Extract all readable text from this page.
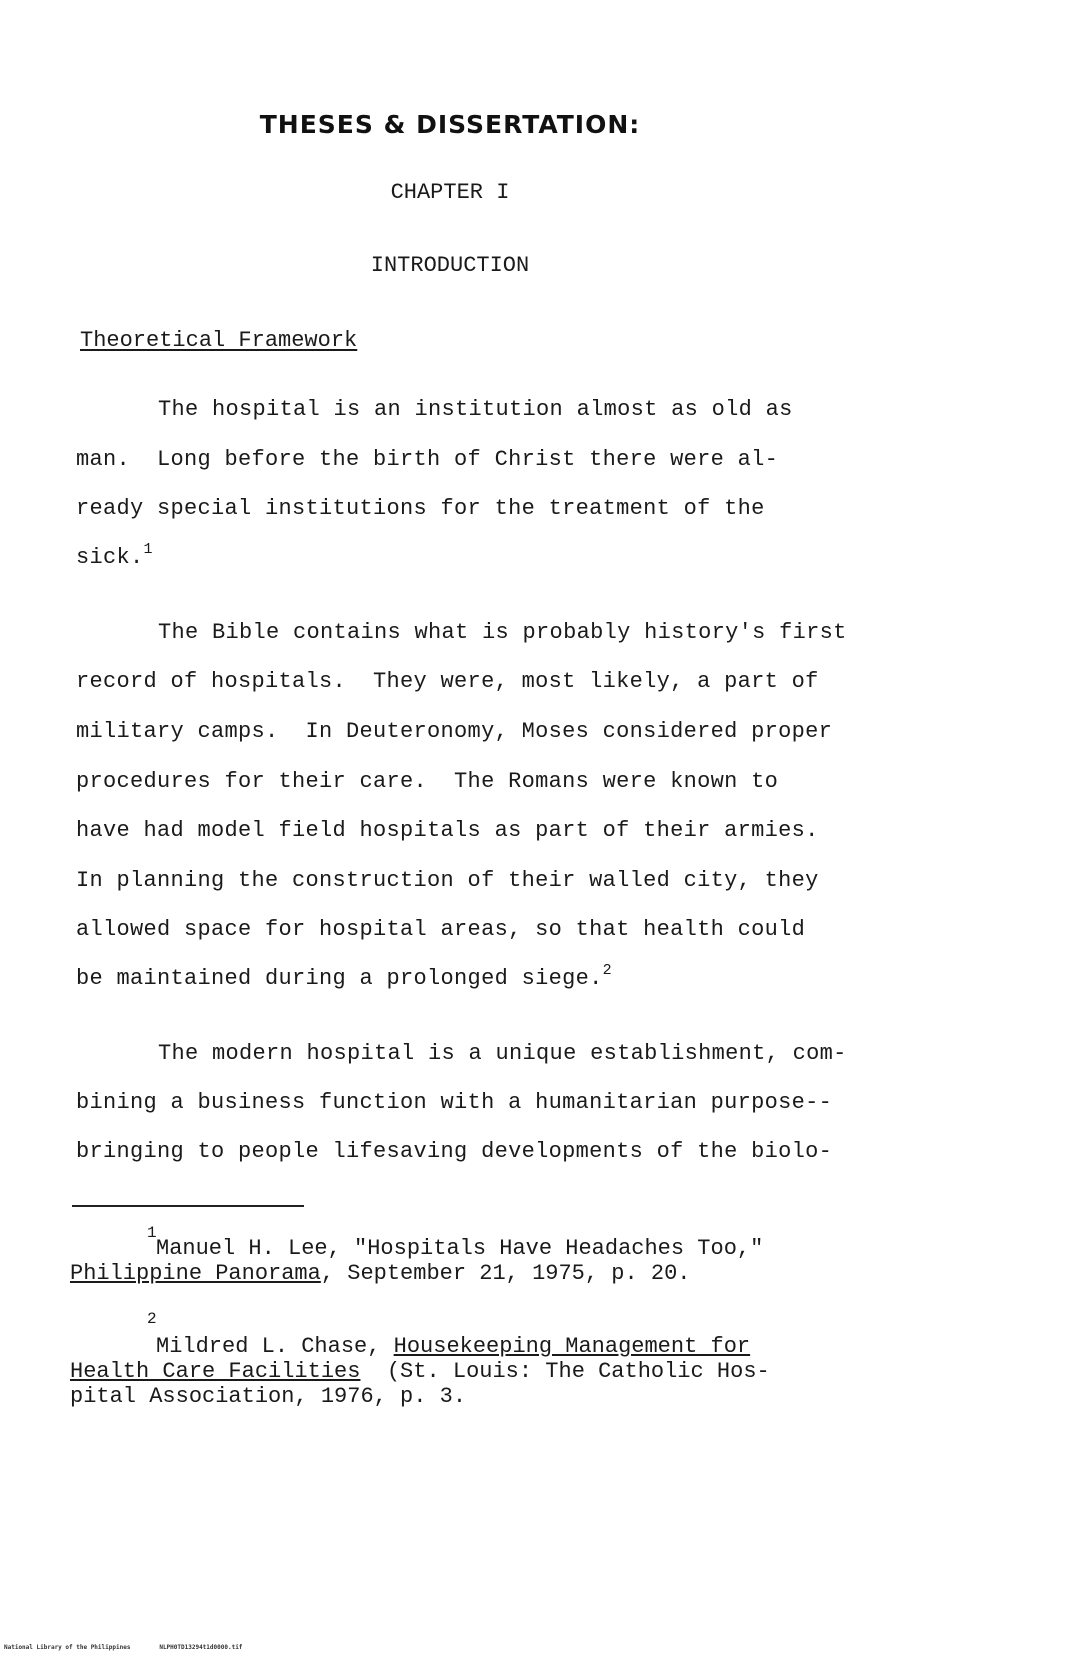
THESES & DISSERTATION:
CHAPTER I
INTRODUCTION
Theoretical Framework
The hospital is an institution almost as old as
man.  Long before the birth of Christ there were al-
ready special institutions for the treatment of the
sick.$^1$
The Bible contains what is probably history's first
record of hospitals.  They were, most likely, a part of
military camps.  In Deuteronomy, Moses considered proper
procedures for their care.  The Romans were known to
have had model field hospitals as part of their armies.
In planning the construction of their walled city, they
allowed space for hospital areas, so that health could
be maintained during a prolonged siege.$^2$
The modern hospital is a unique establishment, com-
bining a business function with a humanitarian purpose--
bringing to people lifesaving developments of the biolo-
1
Manuel H. Lee, "Hospitals Have Headaches Too,"
Philippine Panorama, September 21, 1975, p. 20.
2
Mildred L. Chase, Housekeeping Management for
Health Care Facilities  (St. Louis: The Catholic Hos-
pital Association, 1976, p. 3.
National Library of the Philippines        NLPH0TD13294t1d0000.tif
